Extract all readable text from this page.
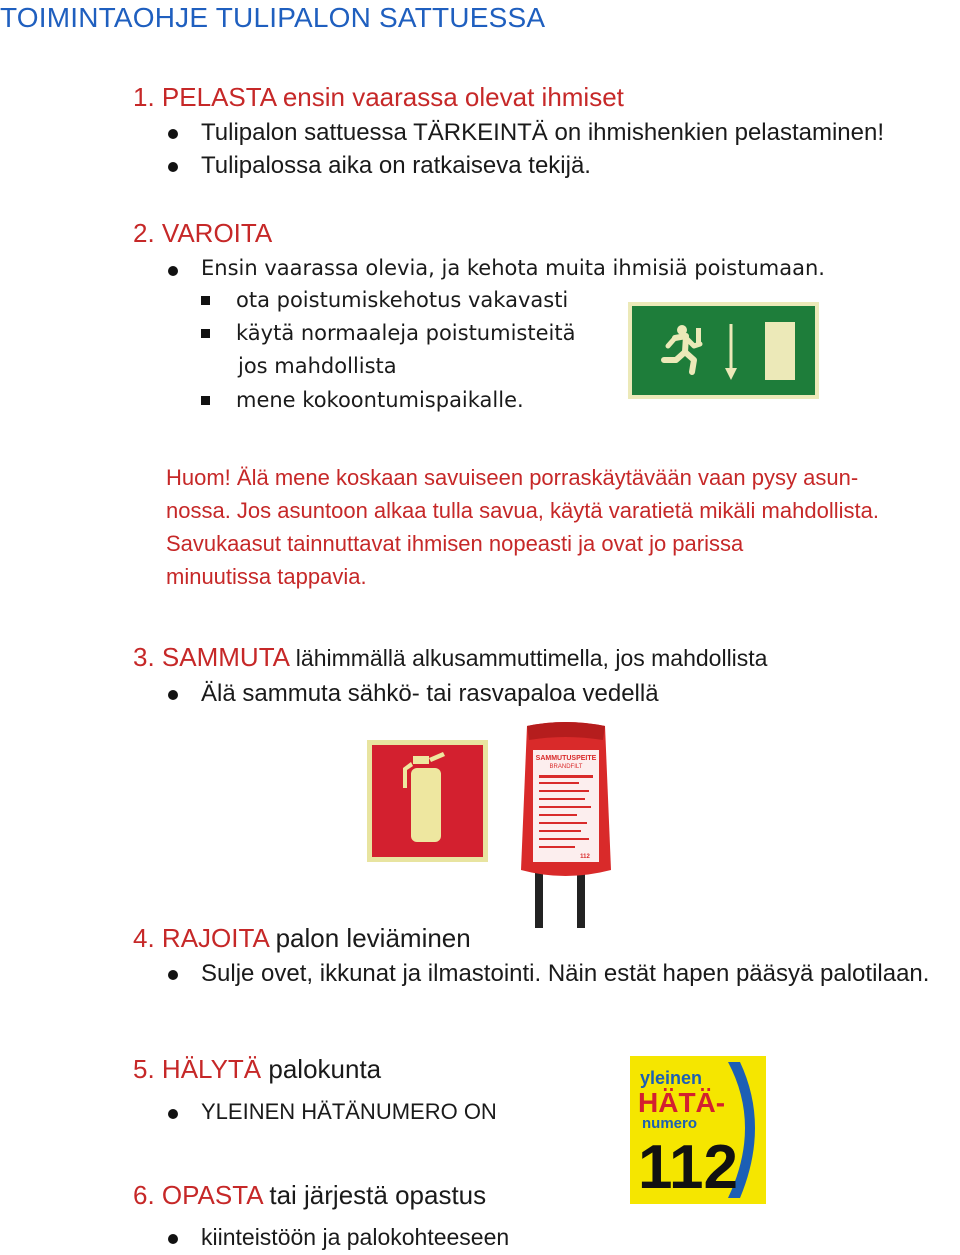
TOIMINTAOHJE TULIPALON SATTUESSA
1. PELASTA ensin vaarassa olevat ihmiset
Tulipalon sattuessa TÄRKEINTÄ on ihmishenkien pelastaminen!
Tulipalossa aika on ratkaiseva tekijä.
2. VAROITA
Ensin vaarassa olevia, ja kehota muita ihmisiä poistumaan.
ota poistumiskehotus vakavasti
käytä normaaleja poistumisteitä
jos mahdollista
mene kokoontumispaikalle.
Huom! Älä mene koskaan savuiseen porraskäytävään vaan pysy asun-
nossa. Jos asuntoon alkaa tulla savua, käytä varatietä mikäli mahdollista.
Savukaasut tainnuttavat ihmisen nopeasti ja ovat jo parissa
minuutissa tappavia.
3. SAMMUTA lähimmällä alkusammuttimella, jos mahdollista
Älä sammuta sähkö- tai rasvapaloa vedellä
SAMMUTUSPEITE
BRANDFILT
112
4. RAJOITA palon leviäminen
Sulje ovet, ikkunat ja ilmastointi. Näin estät hapen pääsyä palotilaan.
5. HÄLYTÄ palokunta
YLEINEN HÄTÄNUMERO ON
yleinen
HÄTÄ-
numero
112
6. OPASTA tai järjestä opastus
kiinteistöön ja palokohteeseen
